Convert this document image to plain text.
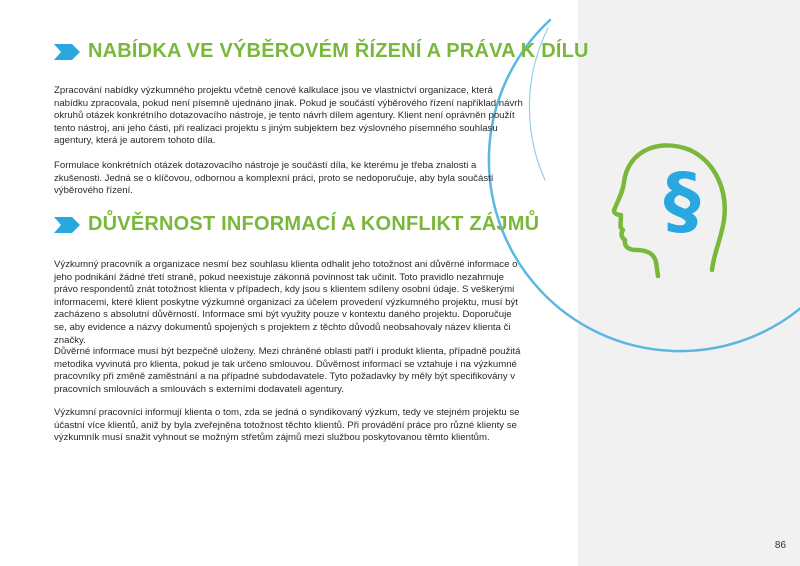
§
NABÍDKA VE VÝBĚROVÉM ŘÍZENÍ A PRÁVA K DÍLU

Zpracování nabídky výzkumného projektu včetně cenové kalkulace jsou ve vlastnictví organizace, která nabídku zpracovala, pokud není písemně ujednáno jinak. Pokud je součástí výběrového řízení například návrh okruhů otázek konkrétního dotazovacího nástroje, je tento návrh dílem agentury. Klient není oprávněn použít tento nástroj, ani jeho části, při realizaci projektu s jiným subjektem bez výslovného písemného souhlasu agentury, která je autorem tohoto díla.

Formulace konkrétních otázek dotazovacího nástroje je součástí díla, ke kterému je třeba znalosti a zkušenosti. Jedná se o klíčovou, odbornou a komplexní práci, proto se nedoporučuje, aby byla součástí výběrového řízení.

DŮVĚRNOST INFORMACÍ A KONFLIKT ZÁJMŮ

Výzkumný pracovník a organizace nesmí bez souhlasu klienta odhalit jeho totožnost ani důvěrné informace o jeho podnikání žádné třetí straně, pokud neexistuje zákonná povinnost tak učinit. Toto pravidlo nezahrnuje právo respondentů znát totožnost klienta v případech, kdy jsou s klientem sdíleny osobní údaje. S veškerými informacemi, které klient poskytne výzkumné organizaci za účelem provedení výzkumného projektu, musí být zacházeno s absolutní důvěrností. Informace smí být využity pouze v kontextu daného projektu. Doporučuje se, aby evidence a názvy dokumentů spojených s projektem z těchto důvodů neobsahovaly název klienta či značky.

Důvěrné informace musí být bezpečně uloženy. Mezi chráněné oblasti patří i produkt klienta, případně použitá metodika vyvinutá pro klienta, pokud je tak určeno smlouvou. Důvěrnost informací se vztahuje i na výzkumné pracovníky při změně zaměstnání a na případné subdodavatele. Tyto požadavky by měly být specifikovány v pracovních smlouvách a smlouvách s externími dodavateli agentury.

Výzkumní pracovníci informují klienta o tom, zda se jedná o syndikovaný výzkum, tedy ve stejném projektu se účastní více klientů, aniž by byla zveřejněna totožnost těchto klientů. Při provádění práce pro různé klienty se výzkumník musí snažit vyhnout se možným střetům zájmů mezi službou poskytovanou těmto klientům.

86
